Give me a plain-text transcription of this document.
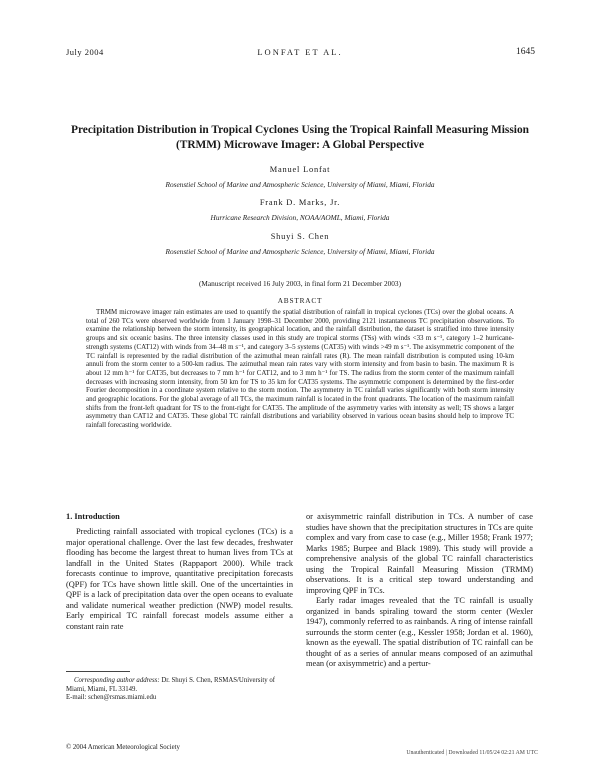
July 2004	LONFAT ET AL.	1645
Precipitation Distribution in Tropical Cyclones Using the Tropical Rainfall Measuring Mission (TRMM) Microwave Imager: A Global Perspective
Manuel Lonfat
Rosenstiel School of Marine and Atmospheric Science, University of Miami, Miami, Florida
Frank D. Marks, Jr.
Hurricane Research Division, NOAA/AOML, Miami, Florida
Shuyi S. Chen
Rosenstiel School of Marine and Atmospheric Science, University of Miami, Miami, Florida
(Manuscript received 16 July 2003, in final form 21 December 2003)
ABSTRACT
TRMM microwave imager rain estimates are used to quantify the spatial distribution of rainfall in tropical cyclones (TCs) over the global oceans. A total of 260 TCs were observed worldwide from 1 January 1998–31 December 2000, providing 2121 instantaneous TC precipitation observations. To examine the relationship between the storm intensity, its geographical location, and the rainfall distribution, the dataset is stratified into three intensity groups and six oceanic basins. The three intensity classes used in this study are tropical storms (TSs) with winds <33 m s⁻¹, category 1–2 hurricane-strength systems (CAT12) with winds from 34–48 m s⁻¹, and category 3–5 systems (CAT35) with winds >49 m s⁻¹. The axisymmetric component of the TC rainfall is represented by the radial distribution of the azimuthal mean rainfall rates (R). The mean rainfall distribution is computed using 10-km annuli from the storm center to a 500-km radius. The azimuthal mean rain rates vary with storm intensity and from basin to basin. The maximum R is about 12 mm h⁻¹ for CAT35, but decreases to 7 mm h⁻¹ for CAT12, and to 3 mm h⁻¹ for TS. The radius from the storm center of the maximum rainfall decreases with increasing storm intensity, from 50 km for TS to 35 km for CAT35 systems. The asymmetric component is determined by the first-order Fourier decomposition in a coordinate system relative to the storm motion. The asymmetry in TC rainfall varies significantly with both storm intensity and geographic locations. For the global average of all TCs, the maximum rainfall is located in the front quadrants. The location of the maximum rainfall shifts from the front-left quadrant for TS to the front-right for CAT35. The amplitude of the asymmetry varies with intensity as well; TS shows a larger asymmetry than CAT12 and CAT35. These global TC rainfall distributions and variability observed in various ocean basins should help to improve TC rainfall forecasting worldwide.
1. Introduction

Predicting rainfall associated with tropical cyclones (TCs) is a major operational challenge. Over the last few decades, freshwater flooding has become the largest threat to human lives from TCs at landfall in the United States (Rappaport 2000). While track forecasts continue to improve, quantitative precipitation forecasts (QPF) for TCs have shown little skill. One of the uncertainties in QPF is a lack of precipitation data over the open oceans to evaluate and validate numerical weather prediction (NWP) model results. Early empirical TC rainfall forecast models assume either a constant rain rate

or axisymmetric rainfall distribution in TCs. A number of case studies have shown that the precipitation structures in TCs are quite complex and vary from case to case (e.g., Miller 1958; Frank 1977; Marks 1985; Burpee and Black 1989). This study will provide a comprehensive analysis of the global TC rainfall characteristics using the Tropical Rainfall Measuring Mission (TRMM) observations. It is a critical step toward understanding and improving QPF in TCs.

Early radar images revealed that the TC rainfall is usually organized in bands spiraling toward the storm center (Wexler 1947), commonly referred to as rainbands. A ring of intense rainfall surrounds the storm center (e.g., Kessler 1958; Jordan et al. 1960), known as the eyewall. The spatial distribution of TC rainfall can be thought of as a series of annular means composed of an azimuthal mean (or axisymmetric) and a pertur-

Corresponding author address: Dr. Shuyi S. Chen, RSMAS/University of Miami, Miami, FL 33149.
E-mail: schen@rsmas.miami.edu
© 2004 American Meteorological Society
Unauthenticated | Downloaded 11/05/24 02:21 AM UTC
